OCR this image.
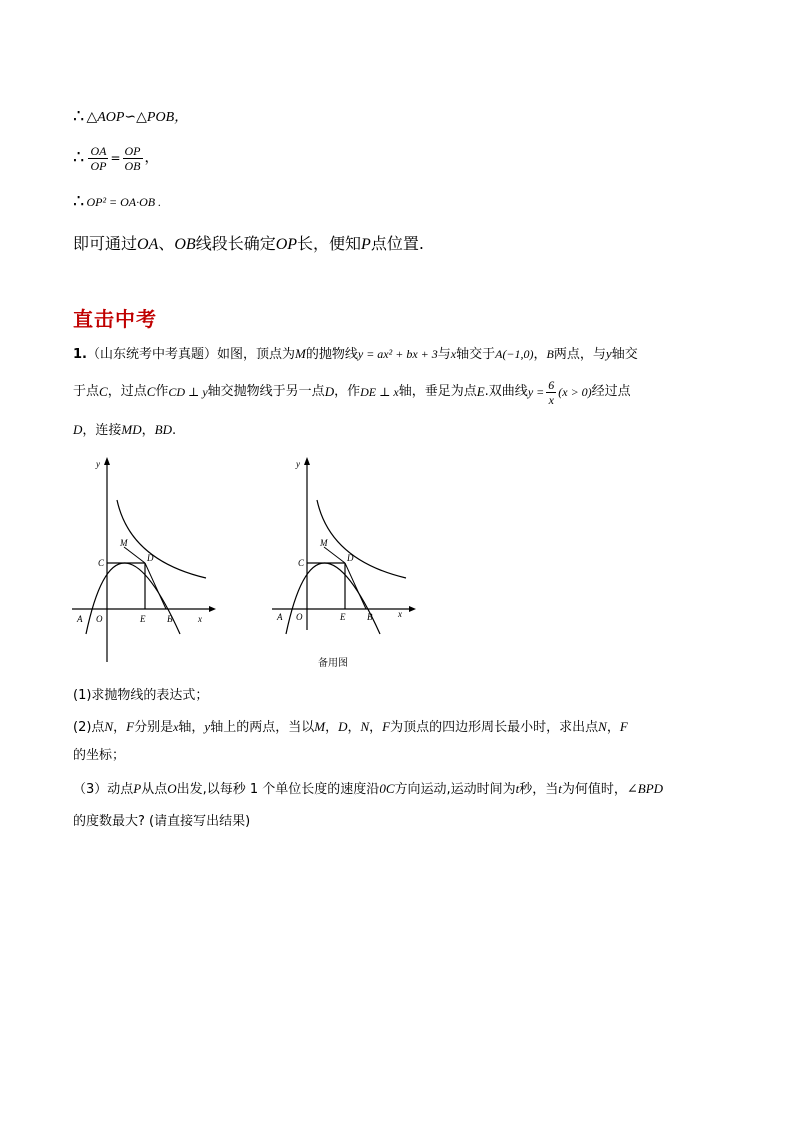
∴ △AOP∽△POB，
∴ $\frac{OA}{OP} = \frac{OP}{OB}$ ，
∴ OP² = OA·OB .
即可通过OA、OB线段长确定OP长，便知P点位置.
直击中考
1.（山东统考中考真题）如图，顶点为M的抛物线y = ax² + bx + 3与x轴交于A(−1,0)，B两点，与y轴交
于点 C ，过点 C 作 CD ⊥ y 轴交抛物线于另一点 D ，作 DE ⊥ x 轴，垂足为点 E .双曲线 $y = \frac{6}{x} (x > 0)$ 经过点
D，连接MD，BD.
y
x
O
A	B
C	D
E
M
y
x
O
A	B
C	D
E
M
备用图
(1)求抛物线的表达式；
(2)点N，F分别是x轴，y轴上的两点，当以M，D，N，F为顶点的四边形周长最小时，求出点N，F
的坐标；
（3）动点P从点O出发,以每秒 1 个单位长度的速度沿0C方向运动,运动时间为t秒，当t为何值时，∠BPD
的度数最大? (请直接写出结果)
